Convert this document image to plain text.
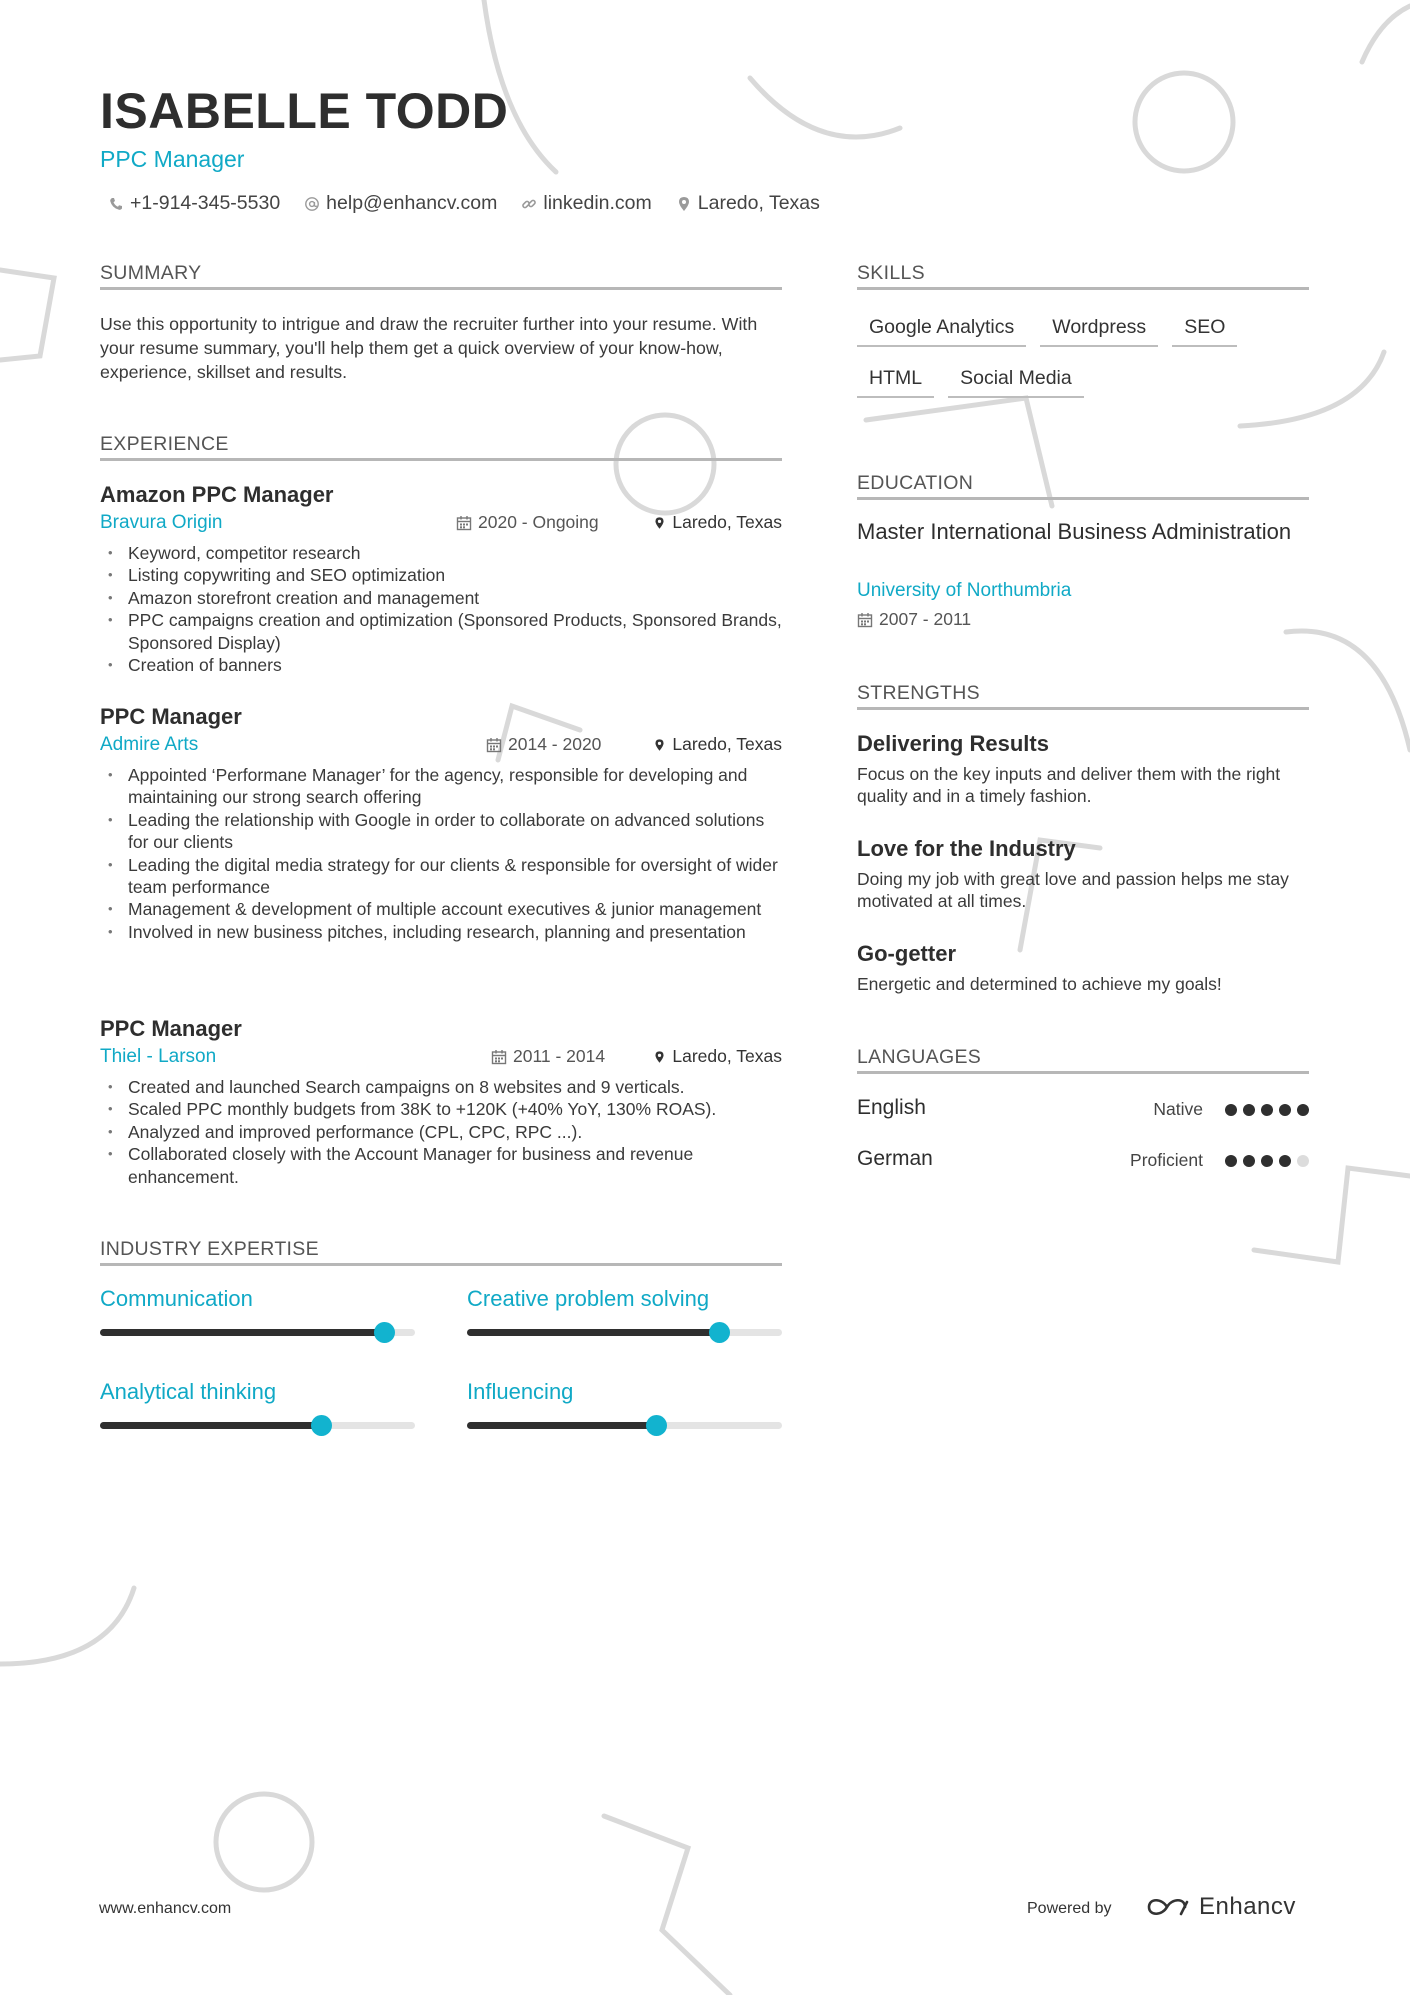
ISABELLE TODD
PPC Manager
+1-914-345-5530 help@enhancv.com linkedin.com Laredo, Texas
SUMMARY

Use this opportunity to intrigue and draw the recruiter further into your resume. With your resume summary, you'll help them get a quick overview of your know-how, experience, skillset and results.

EXPERIENCE
Amazon PPC Manager
Bravura Origin	2020 - Ongoing	Laredo, Texas
• Keyword, competitor research
• Listing copywriting and SEO optimization
• Amazon storefront creation and management
• PPC campaigns creation and optimization (Sponsored Products, Sponsored Brands, Sponsored Display)
• Creation of banners
PPC Manager
Admire Arts	2014 - 2020	Laredo, Texas
• Appointed ‘Performane Manager’ for the agency, responsible for developing and maintaining our strong search offering
• Leading the relationship with Google in order to collaborate on advanced solutions for our clients
• Leading the digital media strategy for our clients & responsible for oversight of wider team performance
• Management & development of multiple account executives & junior management
• Involved in new business pitches, including research, planning and presentation
PPC Manager
Thiel - Larson	2011 - 2014	Laredo, Texas
• Created and launched Search campaigns on 8 websites and 9 verticals.
• Scaled PPC monthly budgets from 38K to +120K (+40% YoY, 130% ROAS).
• Analyzed and improved performance (CPL, CPC, RPC ...).
• Collaborated closely with the Account Manager for business and revenue enhancement.
INDUSTRY EXPERTISE
Communication	Creative problem solving
Analytical thinking	Influencing
SKILLS
Google Analytics	Wordpress	SEO
HTML	Social Media
EDUCATION

Master International Business Administration

University of Northumbria
2007 - 2011
STRENGTHS
Delivering Results

Focus on the key inputs and deliver them with the right quality and in a timely fashion.

Love for the Industry

Doing my job with great love and passion helps me stay motivated at all times.

Go-getter

Energetic and determined to achieve my goals!

LANGUAGES
English	Native
German	Proficient
www.enhancv.com	Powered by	Enhancv
